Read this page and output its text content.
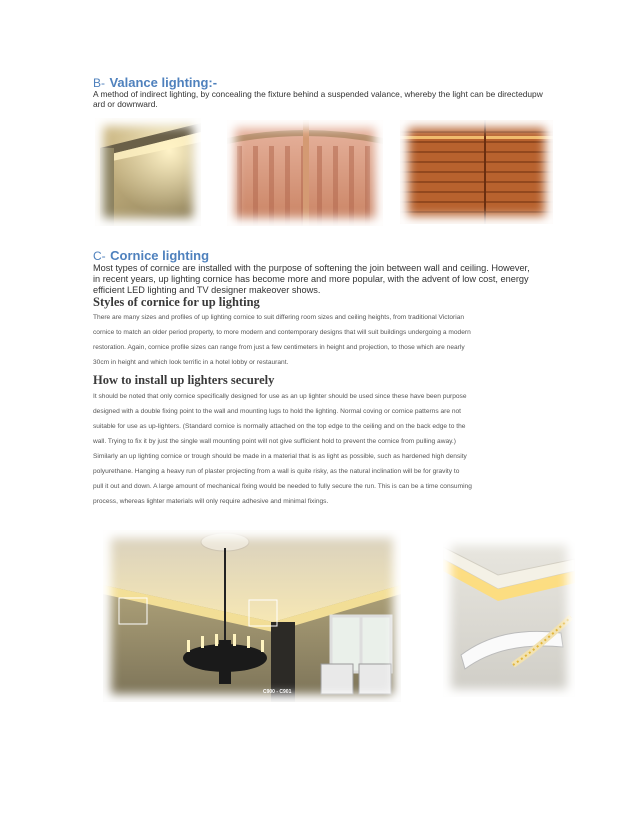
B- Valance lighting:-
A method of indirect lighting, by concealing the fixture behind a suspended valance, whereby the light can be directedupw
ard or downward.
C- Cornice lighting
Most types of cornice are installed with the purpose of softening the join between wall and ceiling. However,
in recent years, up lighting cornice has become more and more popular, with the advent of low cost, energy
efficient LED lighting and TV designer makeover shows.
Styles of cornice for up lighting
There are many sizes and profiles of up lighting cornice to suit differing room sizes and ceiling heights, from traditional Victorian
cornice to match an older period property, to more modern and contemporary designs that will suit buildings undergoing a modern
restoration. Again, cornice profile sizes can range from just a few centimeters in height and projection, to those which are nearly
30cm in height and which look terrific in a hotel lobby or restaurant.
How to install up lighters securely
It should be noted that only cornice specifically designed for use as an up lighter should be used since these have been purpose
designed with a double fixing point to the wall and mounting lugs to hold the lighting. Normal coving or cornice patterns are not
suitable for use as up-lighters. (Standard cornice is normally attached on the top edge to the ceiling and on the back edge to the
wall. Trying to fix it by just the single wall mounting point will not give sufficient hold to prevent the cornice from pulling away.)
Similarly an up lighting cornice or trough should be made in a material that is as light as possible, such as hardened high density
polyurethane. Hanging a heavy run of plaster projecting from a wall is quite risky, as the natural inclination will be for gravity to
pull it out and down. A large amount of mechanical fixing would be needed to fully secure the run. This is can be a time consuming
process, whereas lighter materials will only require adhesive and minimal fixings.
C900 - C901
